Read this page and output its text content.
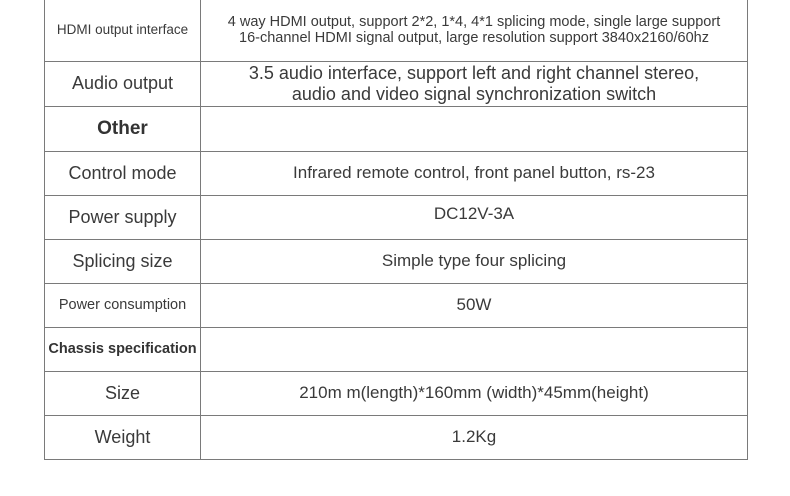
HDMI output interface	4 way HDMI output, support 2*2, 1*4, 4*1 splicing mode, single large support
16-channel HDMI signal output, large resolution support 3840x2160/60hz

Audio output	3.5 audio interface, support left and right channel stereo,
audio and video signal synchronization switch

Other	
Control mode	Infrared remote control, front panel button, rs-23
Power supply	DC12V-3A
Splicing size	Simple type four splicing
Power consumption	50W
Chassis specification	
Size	210m m(length)*160mm (width)*45mm(height)
Weight	1.2Kg
